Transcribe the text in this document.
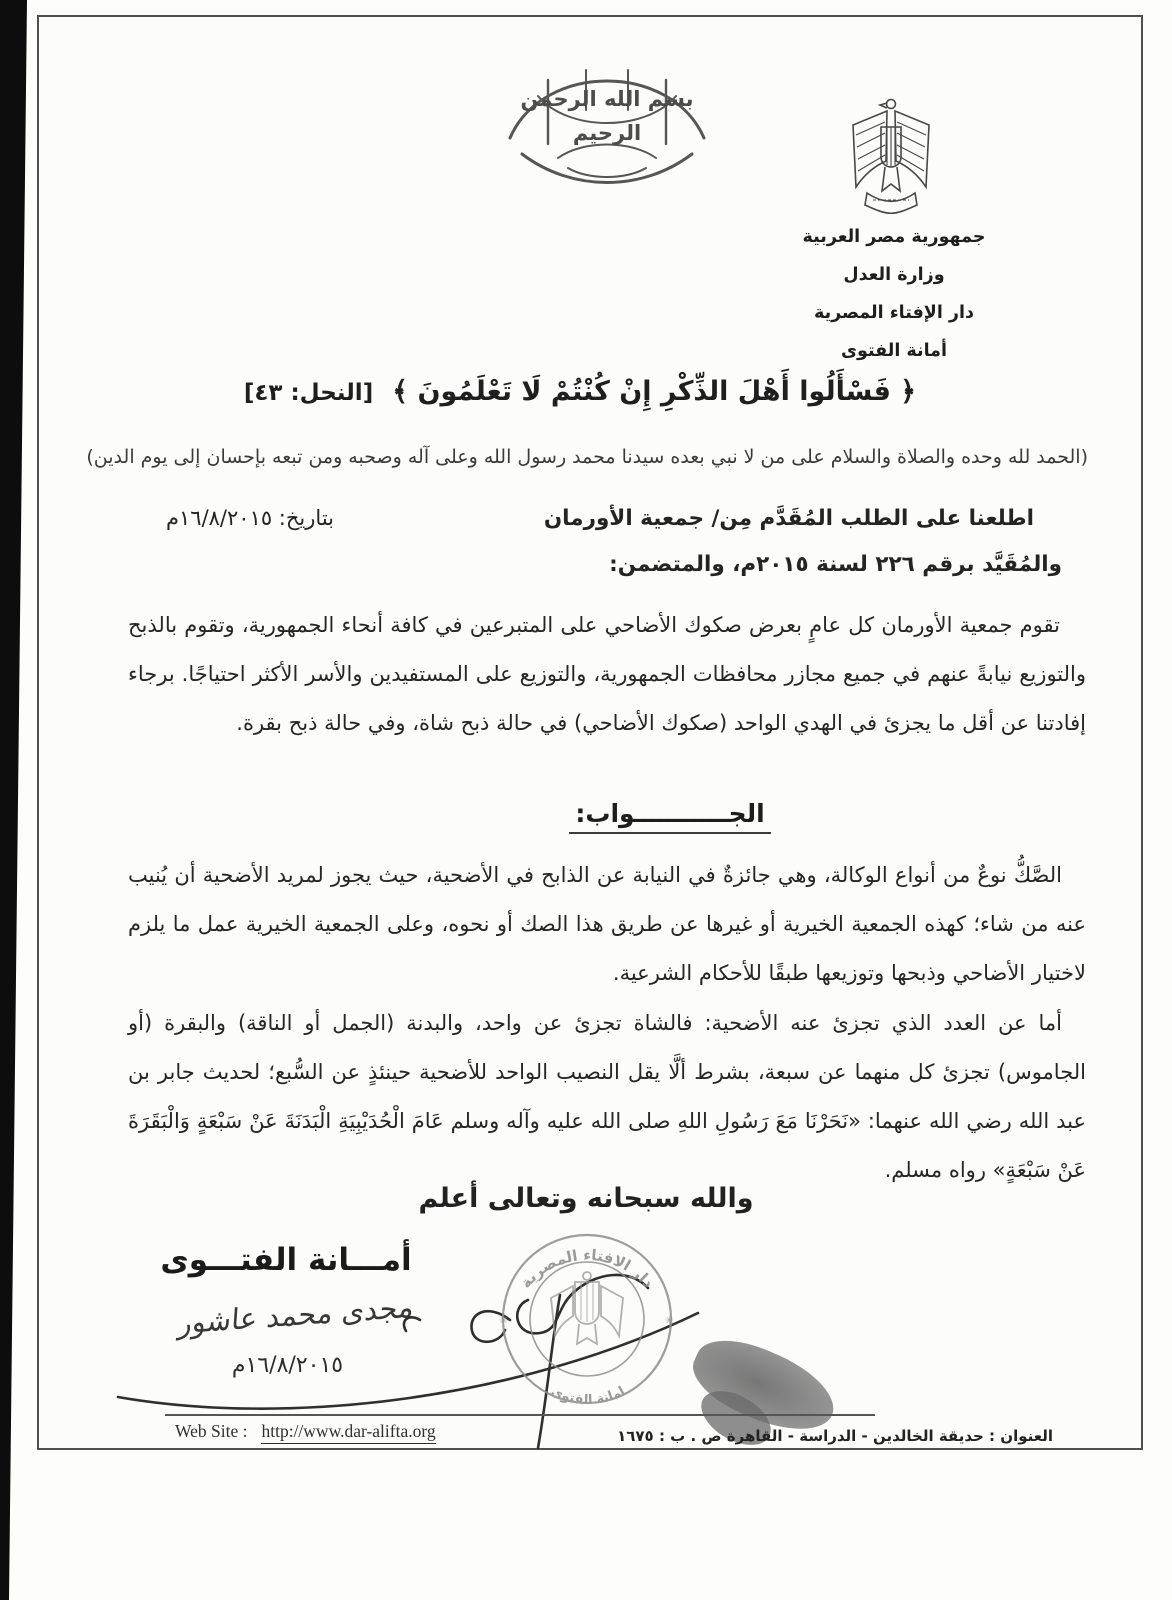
بسم الله الرحمن الرحيم
جمهورية مصر العربية
وزارة العدل
دار الإفتاء المصرية
أمانة الفتوى
﴿ فَسْأَلُوا أَهْلَ الذِّكْرِ إِنْ كُنْتُمْ لَا تَعْلَمُونَ ﴾ [النحل: ٤٣]
(الحمد لله وحده والصلاة والسلام على من لا نبي بعده سيدنا محمد رسول الله وعلى آله وصحبه ومن تبعه بإحسان إلى يوم الدين)
اطلعنا على الطلب المُقَدَّم مِن/ جمعية الأورمان
بتاريخ: ١٦/٨/٢٠١٥م
والمُقَيَّد برقم ٢٢٦ لسنة ٢٠١٥م، والمتضمن:
تقوم جمعية الأورمان كل عامٍ بعرض صكوك الأضاحي على المتبرعين في كافة أنحاء الجمهورية، وتقوم بالذبح والتوزيع نيابةً عنهم في جميع مجازر محافظات الجمهورية، والتوزيع على المستفيدين والأسر الأكثر احتياجًا. برجاء إفادتنا عن أقل ما يجزئ في الهدي الواحد (صكوك الأضاحي) في حالة ذبح شاة، وفي حالة ذبح بقرة.
الجـــــــــــواب:

الصَّكُّ نوعٌ من أنواع الوكالة، وهي جائزةٌ في النيابة عن الذابح في الأضحية، حيث يجوز لمريد الأضحية أن يُنيب عنه من شاء؛ كهذه الجمعية الخيرية أو غيرها عن طريق هذا الصك أو نحوه، وعلى الجمعية الخيرية عمل ما يلزم لاختيار الأضاحي وذبحها وتوزيعها طبقًا للأحكام الشرعية.

أما عن العدد الذي تجزئ عنه الأضحية: فالشاة تجزئ عن واحد، والبدنة (الجمل أو الناقة) والبقرة (أو الجاموس) تجزئ كل منهما عن سبعة، بشرط ألَّا يقل النصيب الواحد للأضحية حينئذٍ عن السُّبع؛ لحديث جابر بن عبد الله رضي الله عنهما: «نَحَرْنَا مَعَ رَسُولِ اللهِ صلى الله عليه وآله وسلم عَامَ الْحُدَيْبِيَةِ الْبَدَنَةَ عَنْ سَبْعَةٍ وَالْبَقَرَةَ عَنْ سَبْعَةٍ» رواه مسلم.

والله سبحانه وتعالى أعلم
أمـــانة الفتـــوى
مجدى محمد عاشور
١٦/٨/٢٠١٥م
دار الافتاء المصرية
امانة الفتوى
✳	✳
Web Site : http://www.dar-alifta.org	العنوان : حديقة الخالدين - الدراسة - القاهرة ص . ب : ١٦٧٥
